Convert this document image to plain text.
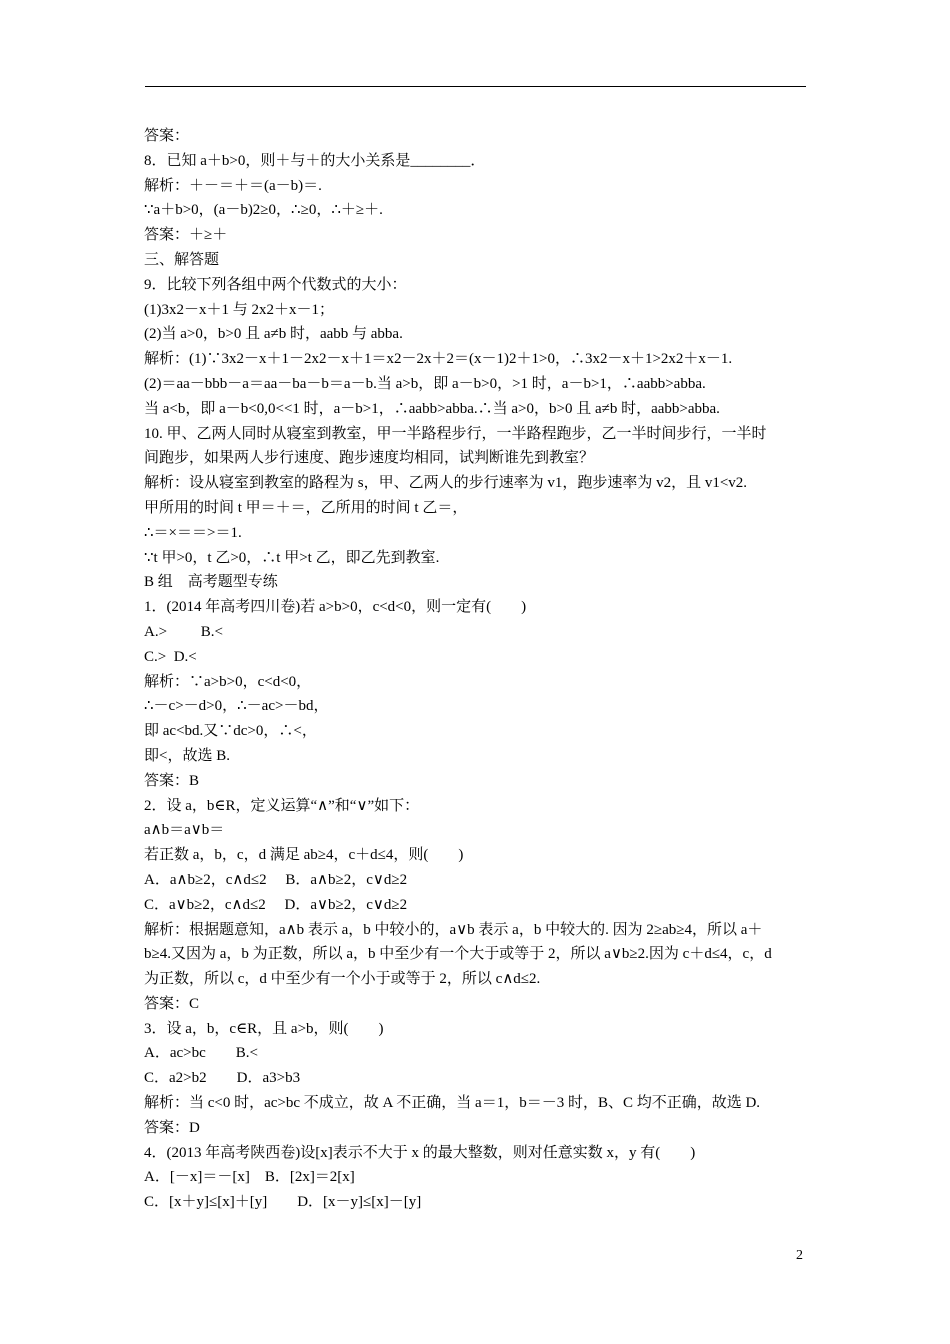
答案：
8．已知 a＋b>0，则＋与＋的大小关系是________．
解析：＋－＝＋＝(a－b)＝.
∵a＋b>0，(a－b)2≥0，∴≥0，∴＋≥＋.
答案：＋≥＋
三、解答题
9．比较下列各组中两个代数式的大小：
(1)3x2－x＋1 与 2x2＋x－1；
(2)当 a>0，b>0 且 a≠b 时，aabb 与 abba.
解析：(1)∵3x2－x＋1－2x2－x＋1＝x2－2x＋2＝(x－1)2＋1>0，∴3x2－x＋1>2x2＋x－1.
(2)＝aa－bbb－a＝aa－ba－b＝a－b.当 a>b，即 a－b>0，>1 时，a－b>1，∴aabb>abba.
当 a<b，即 a－b<0,0<<1 时，a－b>1，∴aabb>abba.∴当 a>0，b>0 且 a≠b 时，aabb>abba.
10. 甲、乙两人同时从寝室到教室，甲一半路程步行，一半路程跑步，乙一半时间步行，一半时
间跑步，如果两人步行速度、跑步速度均相同，试判断谁先到教室？
解析：设从寝室到教室的路程为 s，甲、乙两人的步行速率为 v1，跑步速率为 v2，且 v1<v2.
甲所用的时间 t 甲＝＋＝，乙所用的时间 t 乙＝，
∴＝×＝＝>＝1.
∵t 甲>0，t 乙>0，∴t 甲>t 乙，即乙先到教室.
B 组　高考题型专练
1．(2014 年高考四川卷)若 a>b>0，c<d<0，则一定有(　　)
A.>　　 B.<
C.>  D.<
解析：∵a>b>0，c<d<0，
∴－c>－d>0，∴－ac>－bd，
即 ac<bd.又∵dc>0，∴<，
即<，故选 B.
答案：B
2．设 a，b∈R，定义运算“∧”和“∨”如下：
a∧b＝a∨b＝
若正数 a，b，c，d 满足 ab≥4，c＋d≤4，则(　　)
A．a∧b≥2，c∧d≤2　 B．a∧b≥2，c∨d≥2
C．a∨b≥2，c∧d≤2　 D．a∨b≥2，c∨d≥2
解析：根据题意知，a∧b 表示 a，b 中较小的，a∨b 表示 a，b 中较大的. 因为 2≥ab≥4，所以 a＋
b≥4.又因为 a，b 为正数，所以 a，b 中至少有一个大于或等于 2，所以 a∨b≥2.因为 c＋d≤4，c，d
为正数，所以 c，d 中至少有一个小于或等于 2，所以 c∧d≤2.
答案：C
3．设 a，b，c∈R，且 a>b，则(　　)
A．ac>bc　　B.<
C．a2>b2　　D．a3>b3
解析：当 c<0 时，ac>bc 不成立，故 A 不正确，当 a＝1，b＝－3 时，B、C 均不正确，故选 D.
答案：D
4．(2013 年高考陕西卷)设[x]表示不大于 x 的最大整数，则对任意实数 x，y 有(　　)
A．[－x]＝－[x]　B．[2x]＝2[x]
C．[x＋y]≤[x]＋[y]　　D．[x－y]≤[x]－[y]
2
